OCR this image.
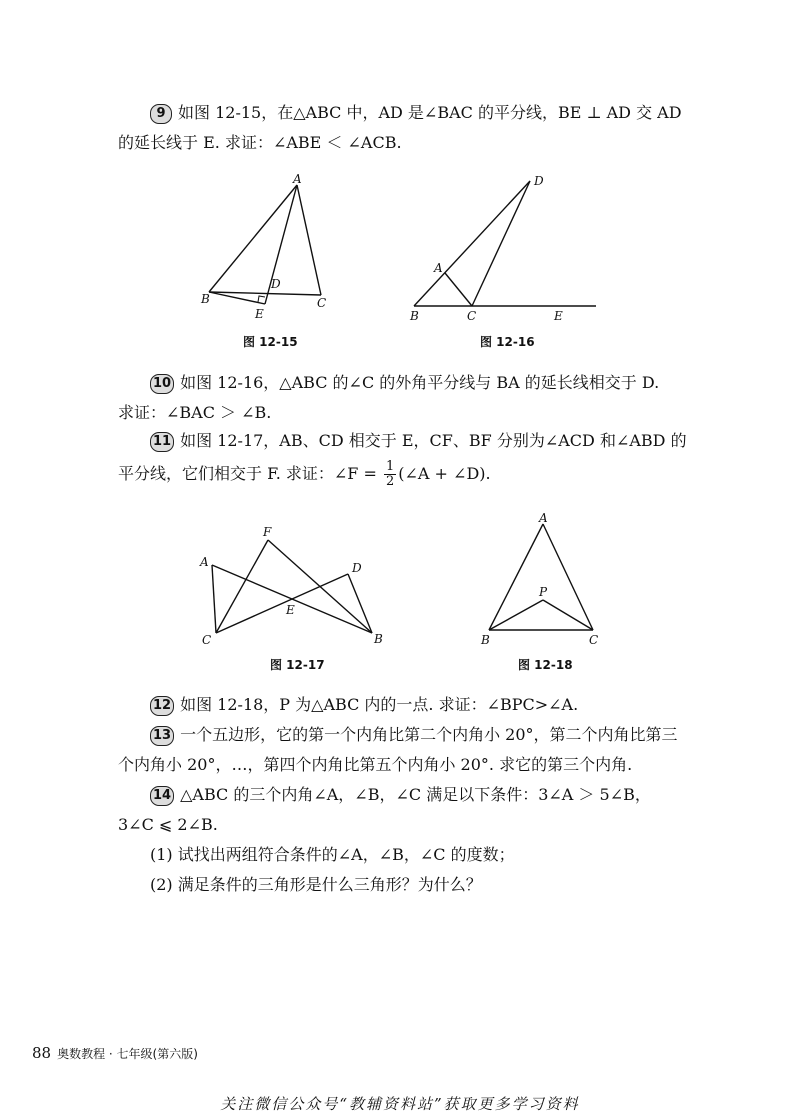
9 如图 12-15，在△ABC 中，AD 是∠BAC 的平分线，BE ⊥ AD 交 AD
的延长线于 E. 求证：∠ABE ＜ ∠ACB.
A
B	C
D
E
图 12-15
A
B	C
D
E
图 12-16
10 如图 12-16，△ABC 的∠C 的外角平分线与 BA 的延长线相交于 D.
求证：∠BAC ＞ ∠B.
11 如图 12-17，AB、CD 相交于 E，CF、BF 分别为∠ACD 和∠ABD 的
平分线，它们相交于 F. 求证：∠F = $\frac{1}{2}$ (∠A + ∠D).
A
B
C
D
E
F
图 12-17
A
B	C
P
图 12-18
12 如图 12-18，P 为△ABC 内的一点. 求证：∠BPC>∠A.
13 一个五边形，它的第一个内角比第二个内角小 20°，第二个内角比第三
个内角小 20°，…，第四个内角比第五个内角小 20°. 求它的第三个内角.
14 △ABC 的三个内角∠A，∠B，∠C 满足以下条件：3∠A ＞ 5∠B，
3∠C ⩽ 2∠B.
(1) 试找出两组符合条件的∠A，∠B，∠C 的度数；
(2) 满足条件的三角形是什么三角形？为什么？
88 奥数教程 · 七年级(第六版)
关注微信公众号“教辅资料站”获取更多学习资料
